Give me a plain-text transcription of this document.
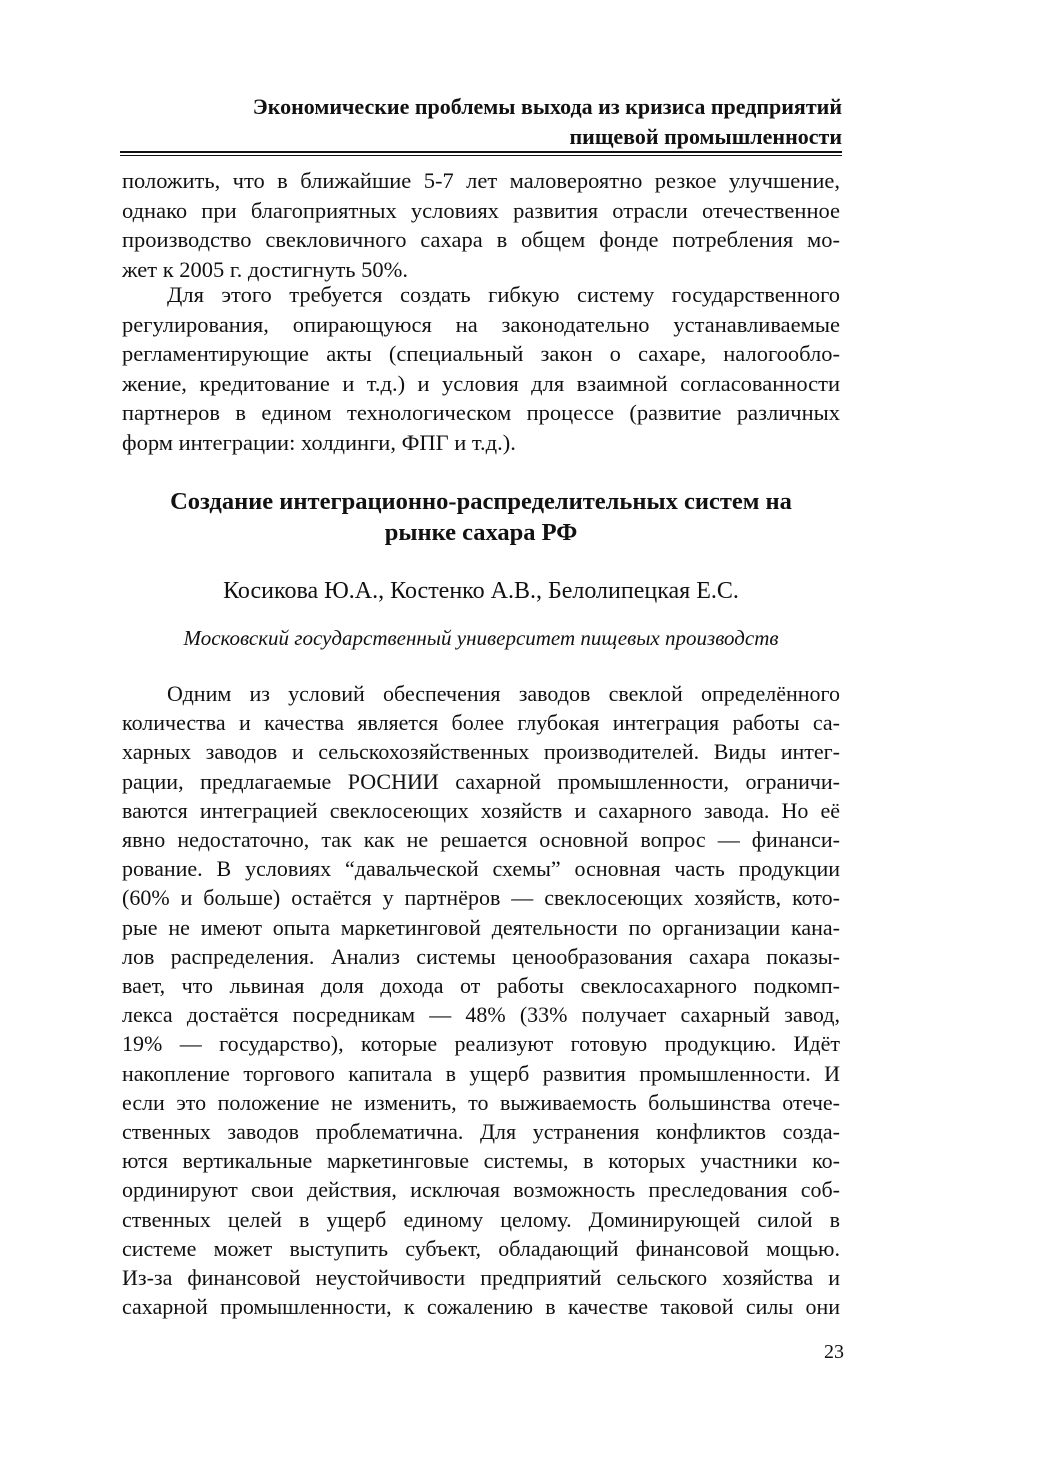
Экономические проблемы выхода из кризиса предприятий
пищевой промышленности
положить, что в ближайшие 5-7 лет маловероятно резкое улучшение,
однако при благоприятных условиях развития отрасли отечественное
производство свекловичного сахара в общем фонде потребления мо-
жет к 2005 г. достигнуть 50%.
Для этого требуется создать гибкую систему государственного
регулирования, опирающуюся на законодательно устанавливаемые
регламентирующие акты (специальный закон о сахаре, налогообло-
жение, кредитование и т.д.) и условия для взаимной согласованности
партнеров в едином технологическом процессе (развитие различных
форм интеграции: холдинги, ФПГ и т.д.).
Создание интеграционно-распределительных систем на
рынке сахара РФ
Косикова Ю.А., Костенко А.В., Белолипецкая Е.С.
Московский государственный университет пищевых производств
Одним из условий обеспечения заводов свеклой определённого
количества и качества является более глубокая интеграция работы са-
харных заводов и сельскохозяйственных производителей. Виды интег-
рации, предлагаемые РОСНИИ сахарной промышленности, ограничи-
ваются интеграцией свеклосеющих хозяйств и сахарного завода. Но её
явно недостаточно, так как не решается основной вопрос — финанси-
рование. В условиях “давальческой схемы” основная часть продукции
(60% и больше) остаётся у партнёров — свеклосеющих хозяйств, кото-
рые не имеют опыта маркетинговой деятельности по организации кана-
лов распределения. Анализ системы ценообразования сахара показы-
вает, что львиная доля дохода от работы свеклосахарного подкомп-
лекса достаётся посредникам — 48% (33% получает сахарный завод,
19% — государство), которые реализуют готовую продукцию. Идёт
накопление торгового капитала в ущерб развития промышленности. И
если это положение не изменить, то выживаемость большинства отече-
ственных заводов проблематична. Для устранения конфликтов созда-
ются вертикальные маркетинговые системы, в которых участники ко-
ординируют свои действия, исключая возможность преследования соб-
ственных целей в ущерб единому целому. Доминирующей силой в
системе может выступить субъект, обладающий финансовой мощью.
Из-за финансовой неустойчивости предприятий сельского хозяйства и
сахарной промышленности, к сожалению в качестве таковой силы они
23
